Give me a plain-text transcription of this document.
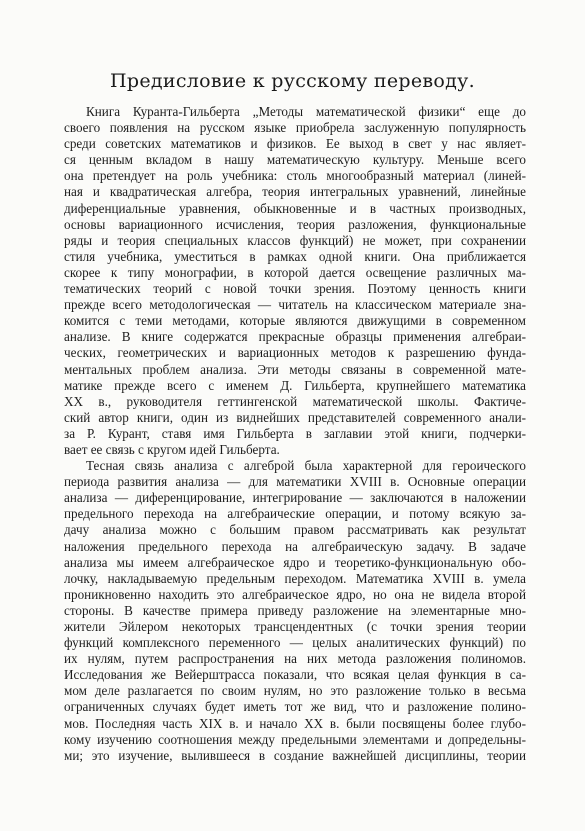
Предисловие к русскому переводу.
Книга Куранта-Гильберта „Методы математической физики“ еще до
своего появления на русском языке приобрела заслуженную популярность
среди советских математиков и физиков. Ее выход в свет у нас являет-
ся ценным вкладом в нашу математическую культуру. Меньше всего
она претендует на роль учебника: столь многообразный материал (линей-
ная и квадратическая алгебра, теория интегральных уравнений, линейные
диференциальные уравнения, обыкновенные и в частных производных,
основы вариационного исчисления, теория разложения, функциональные
ряды и теория специальных классов функций) не может, при сохранении
стиля учебника, уместиться в рамках одной книги. Она приближается
скорее к типу монографии, в которой дается освещение различных ма-
тематических теорий с новой точки зрения. Поэтому ценность книги
прежде всего методологическая — читатель на классическом материале зна-
комится с теми методами, которые являются движущими в современном
анализе. В книге содержатся прекрасные образцы применения алгебраи-
ческих, геометрических и вариационных методов к разрешению фунда-
ментальных проблем анализа. Эти методы связаны в современной мате-
матике прежде всего с именем Д. Гильберта, крупнейшего математика
XX в., руководителя геттингенской математической школы. Фактиче-
ский автор книги, один из виднейших представителей современного анали-
за Р. Курант, ставя имя Гильберта в заглавии этой книги, подчерки-
вает ее связь с кругом идей Гильберта.
Тесная связь анализа с алгеброй была характерной для героического
периода развития анализа — для математики XVIII в. Основные операции
анализа — диференцирование, интегрирование — заключаются в наложении
предельного перехода на алгебраические операции, и потому всякую за-
дачу анализа можно с большим правом рассматривать как результат
наложения предельного перехода на алгебраическую задачу. В задаче
анализа мы имеем алгебраическое ядро и теоретико-функциональную обо-
лочку, накладываемую предельным переходом. Математика XVIII в. умела
проникновенно находить это алгебраическое ядро, но она не видела второй
стороны. В качестве примера приведу разложение на элементарные мно-
жители Эйлером некоторых трансцендентных (с точки зрения теории
функций комплексного переменного — целых аналитических функций) по
их нулям, путем распространения на них метода разложения полиномов.
Исследования же Вейерштрасса показали, что всякая целая функция в са-
мом деле разлагается по своим нулям, но это разложение только в весьма
ограниченных случаях будет иметь тот же вид, что и разложение полино-
мов. Последняя часть XIX в. и начало XX в. были посвящены более глубо-
кому изучению соотношения между предельными элементами и допредельны-
ми; это изучение, вылившееся в создание важнейшей дисциплины, теории
